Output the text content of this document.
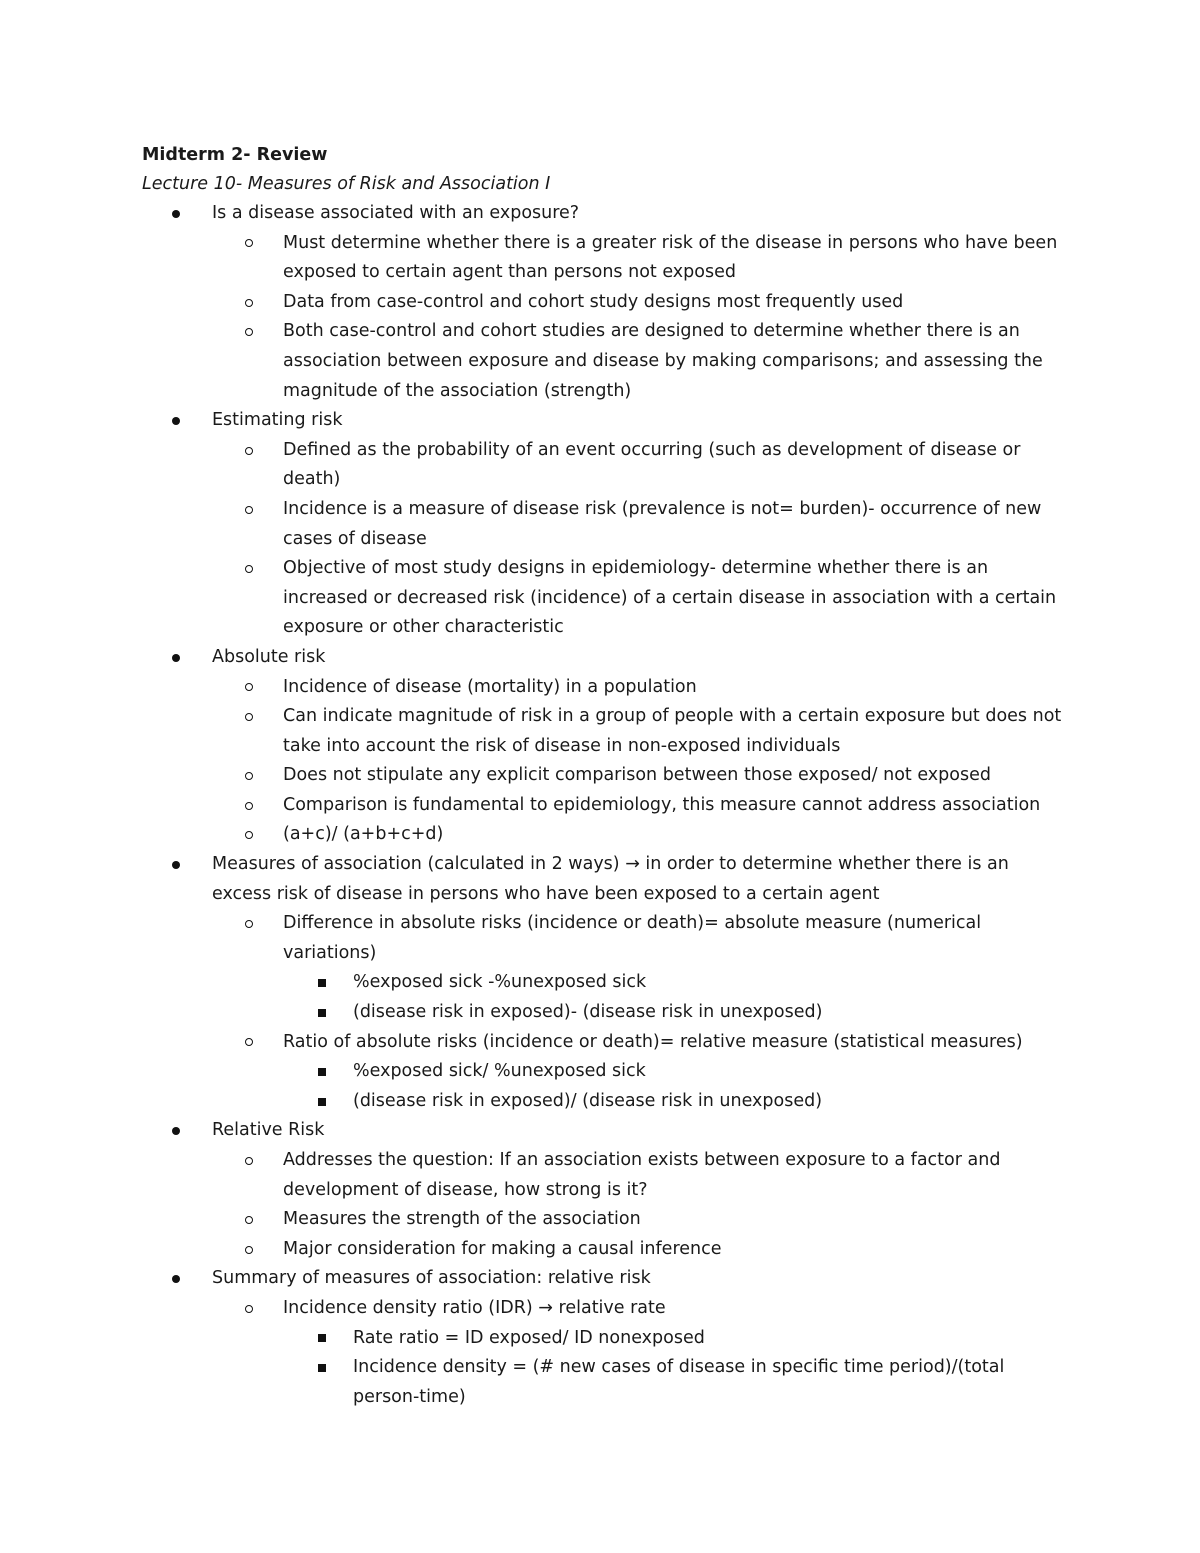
Midterm 2- Review
Lecture 10- Measures of Risk and Association I
Is a disease associated with an exposure?
Must determine whether there is a greater risk of the disease in persons who have been exposed to certain agent than persons not exposed
Data from case-control and cohort study designs most frequently used
Both case-control and cohort studies are designed to determine whether there is an association between exposure and disease by making comparisons; and assessing the magnitude of the association (strength)
Estimating risk
Defined as the probability of an event occurring (such as development of disease or death)
Incidence is a measure of disease risk (prevalence is not= burden)- occurrence of new cases of disease
Objective of most study designs in epidemiology- determine whether there is an increased or decreased risk (incidence) of a certain disease in association with a certain exposure or other characteristic
Absolute risk
Incidence of disease (mortality) in a population
Can indicate magnitude of risk in a group of people with a certain exposure but does not take into account the risk of disease in non-exposed individuals
Does not stipulate any explicit comparison between those exposed/ not exposed
Comparison is fundamental to epidemiology, this measure cannot address association
(a+c)/ (a+b+c+d)
Measures of association (calculated in 2 ways) → in order to determine whether there is an excess risk of disease in persons who have been exposed to a certain agent
Difference in absolute risks (incidence or death)= absolute measure (numerical variations)
%exposed sick -%unexposed sick
(disease risk in exposed)- (disease risk in unexposed)
Ratio of absolute risks (incidence or death)= relative measure (statistical measures)
%exposed sick/ %unexposed sick
(disease risk in exposed)/ (disease risk in unexposed)
Relative Risk
Addresses the question: If an association exists between exposure to a factor and development of disease, how strong is it?
Measures the strength of the association
Major consideration for making a causal inference
Summary of measures of association: relative risk
Incidence density ratio (IDR) → relative rate
Rate ratio = ID exposed/ ID nonexposed
Incidence density = (# new cases of disease in specific time period)/(total person-time)
